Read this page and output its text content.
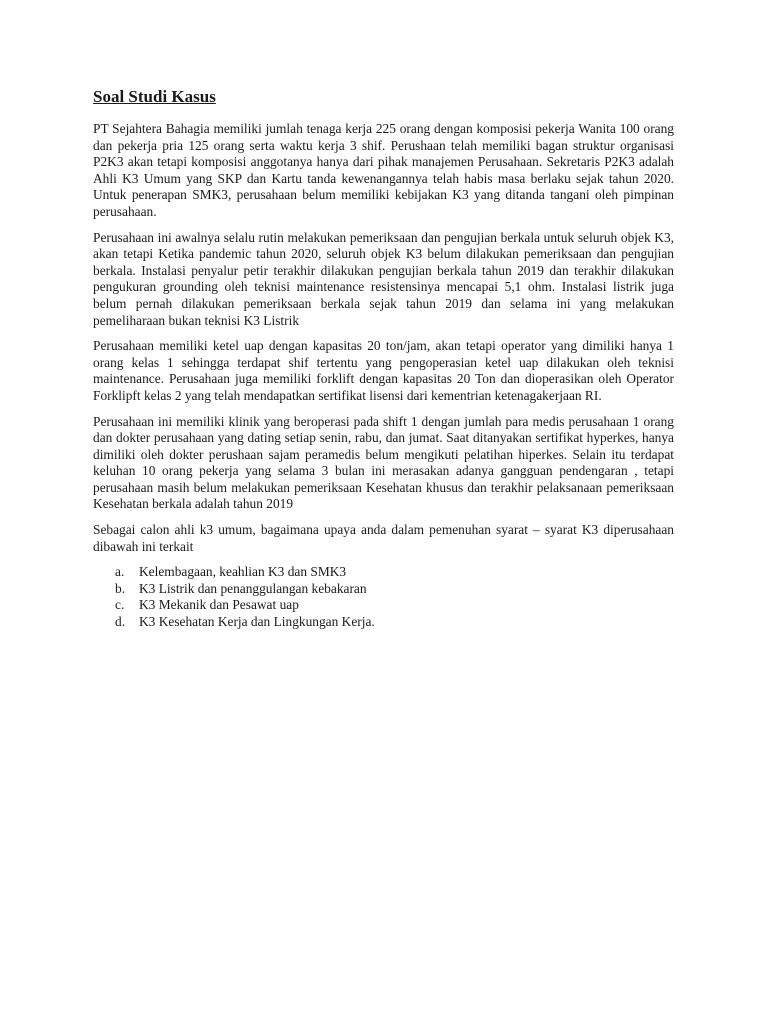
Soal Studi Kasus

PT Sejahtera Bahagia memiliki jumlah tenaga kerja 225 orang dengan komposisi pekerja Wanita 100 orang dan pekerja pria 125 orang serta waktu kerja 3 shif. Perushaan telah memiliki bagan struktur organisasi P2K3 akan tetapi komposisi anggotanya hanya dari pihak manajemen Perusahaan. Sekretaris P2K3 adalah Ahli K3 Umum yang SKP dan Kartu tanda kewenangannya telah habis masa berlaku sejak tahun 2020. Untuk penerapan SMK3, perusahaan belum memiliki kebijakan K3 yang ditanda tangani oleh pimpinan perusahaan.

Perusahaan ini awalnya selalu rutin melakukan pemeriksaan dan pengujian berkala untuk seluruh objek K3, akan tetapi Ketika pandemic tahun 2020, seluruh objek K3 belum dilakukan pemeriksaan dan pengujian berkala. Instalasi penyalur petir terakhir dilakukan pengujian berkala tahun 2019 dan terakhir dilakukan pengukuran grounding oleh teknisi maintenance resistensinya mencapai 5,1 ohm. Instalasi listrik juga belum pernah dilakukan pemeriksaan berkala sejak tahun 2019 dan selama ini yang melakukan pemeliharaan bukan teknisi K3 Listrik

Perusahaan memiliki ketel uap dengan kapasitas 20 ton/jam, akan tetapi operator yang dimiliki hanya 1 orang kelas 1 sehingga terdapat shif tertentu yang pengoperasian ketel uap dilakukan oleh teknisi maintenance. Perusahaan juga memiliki forklift dengan kapasitas 20 Ton dan dioperasikan oleh Operator Forklipft kelas 2 yang telah mendapatkan sertifikat lisensi dari kementrian ketenagakerjaan RI.

Perusahaan ini memiliki klinik yang beroperasi pada shift 1 dengan jumlah para medis perusahaan 1 orang dan dokter perusahaan yang dating setiap senin, rabu, dan jumat. Saat ditanyakan sertifikat hyperkes, hanya dimiliki oleh dokter perushaan sajam peramedis belum mengikuti pelatihan hiperkes. Selain itu terdapat keluhan 10 orang pekerja yang selama 3 bulan ini merasakan adanya gangguan pendengaran , tetapi perusahaan masih belum melakukan pemeriksaan Kesehatan khusus dan terakhir pelaksanaan pemeriksaan Kesehatan berkala adalah tahun 2019

Sebagai calon ahli k3 umum, bagaimana upaya anda dalam pemenuhan syarat – syarat K3 diperusahaan dibawah ini terkait

a.	Kelembagaan, keahlian K3 dan SMK3
b.	K3 Listrik dan penanggulangan kebakaran
c.	K3 Mekanik dan Pesawat uap
d.	K3 Kesehatan Kerja dan Lingkungan Kerja.
